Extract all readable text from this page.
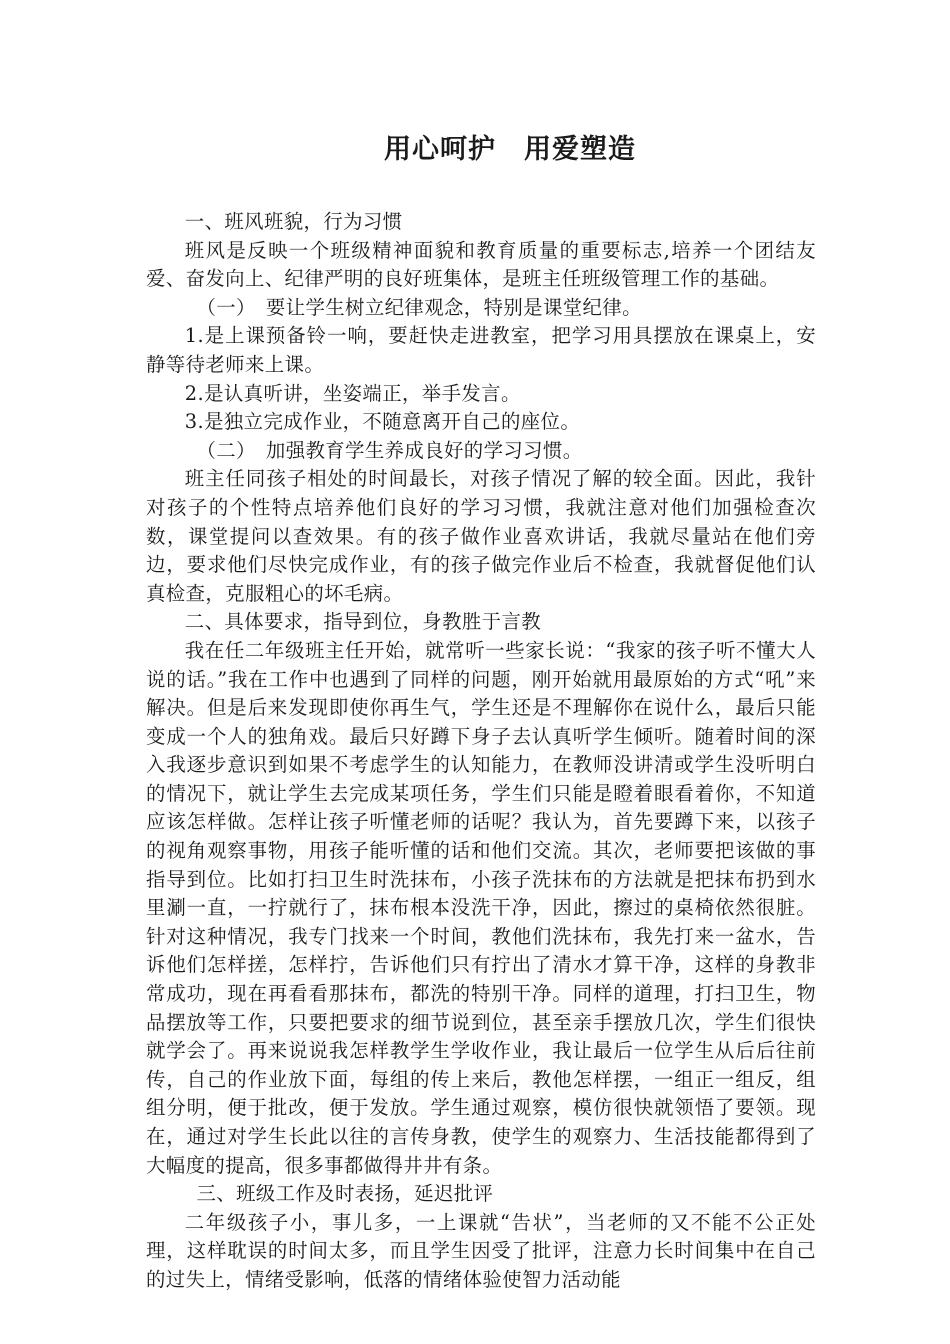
用心呵护　用爱塑造

一、班风班貌，行为习惯

班风是反映一个班级精神面貌和教育质量的重要标志,培养一个团结友爱、奋发向上、纪律严明的良好班集体，是班主任班级管理工作的基础。

（一）　要让学生树立纪律观念，特别是课堂纪律。

1.是上课预备铃一响，要赶快走进教室，把学习用具摆放在课桌上，安静等待老师来上课。

2.是认真听讲，坐姿端正，举手发言。

3.是独立完成作业，不随意离开自己的座位。

（二）　加强教育学生养成良好的学习习惯。

班主任同孩子相处的时间最长，对孩子情况了解的较全面。因此，我针对孩子的个性特点培养他们良好的学习习惯，我就注意对他们加强检查次数，课堂提问以查效果。有的孩子做作业喜欢讲话，我就尽量站在他们旁边，要求他们尽快完成作业，有的孩子做完作业后不检查，我就督促他们认真检查，克服粗心的坏毛病。

二、具体要求，指导到位，身教胜于言教

我在任二年级班主任开始，就常听一些家长说：“我家的孩子听不懂大人说的话。”我在工作中也遇到了同样的问题，刚开始就用最原始的方式“吼”来解决。但是后来发现即使你再生气，学生还是不理解你在说什么，最后只能变成一个人的独角戏。最后只好蹲下身子去认真听学生倾听。随着时间的深入我逐步意识到如果不考虑学生的认知能力，在教师没讲清或学生没听明白的情况下，就让学生去完成某项任务，学生们只能是瞪着眼看着你，不知道应该怎样做。怎样让孩子听懂老师的话呢？我认为，首先要蹲下来，以孩子的视角观察事物，用孩子能听懂的话和他们交流。其次，老师要把该做的事指导到位。比如打扫卫生时洗抹布，小孩子洗抹布的方法就是把抹布扔到水里涮一直，一拧就行了，抹布根本没洗干净，因此，擦过的桌椅依然很脏。针对这种情况，我专门找来一个时间，教他们洗抹布，我先打来一盆水，告诉他们怎样搓，怎样拧，告诉他们只有拧出了清水才算干净，这样的身教非常成功，现在再看看那抹布，都洗的特别干净。同样的道理，打扫卫生，物品摆放等工作，只要把要求的细节说到位，甚至亲手摆放几次，学生们很快就学会了。再来说说我怎样教学生学收作业，我让最后一位学生从后后往前传，自己的作业放下面，每组的传上来后，教他怎样摆，一组正一组反，组组分明，便于批改，便于发放。学生通过观察，模仿很快就领悟了要领。现在，通过对学生长此以往的言传身教，使学生的观察力、生活技能都得到了大幅度的提高，很多事都做得井井有条。

三、班级工作及时表扬，延迟批评

二年级孩子小，事儿多，一上课就“告状”，当老师的又不能不公正处理，这样耽误的时间太多，而且学生因受了批评，注意力长时间集中在自己的过失上，情绪受影响，低落的情绪体验使智力活动能
